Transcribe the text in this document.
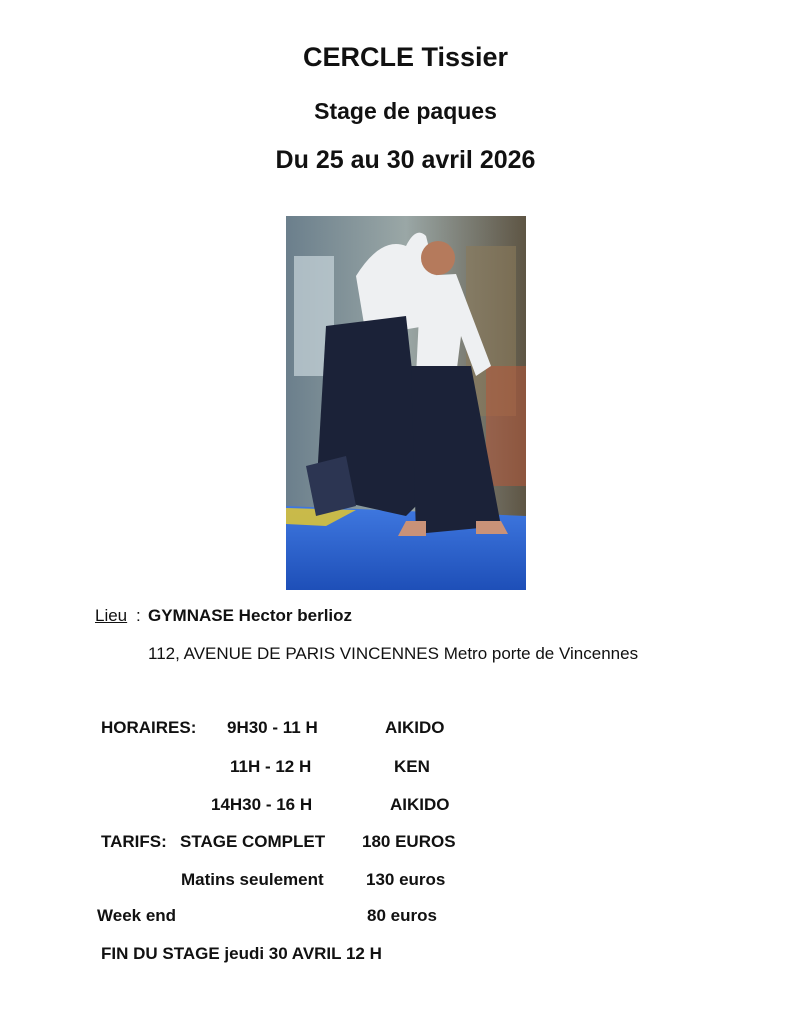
CERCLE Tissier
Stage de paques
Du 25 au 30 avril 2026
Lieu : GYMNASE Hector berlioz
112, AVENUE DE PARIS VINCENNES Metro porte de Vincennes
HORAIRES: 9H30 - 11 H	AIKIDO
11H - 12 H	KEN
14H30 - 16 H	AIKIDO
TARIFS: STAGE COMPLET 180 EUROS
Matins seulement 130 euros
Week end	80 euros
FIN DU STAGE jeudi 30 AVRIL 12 H
